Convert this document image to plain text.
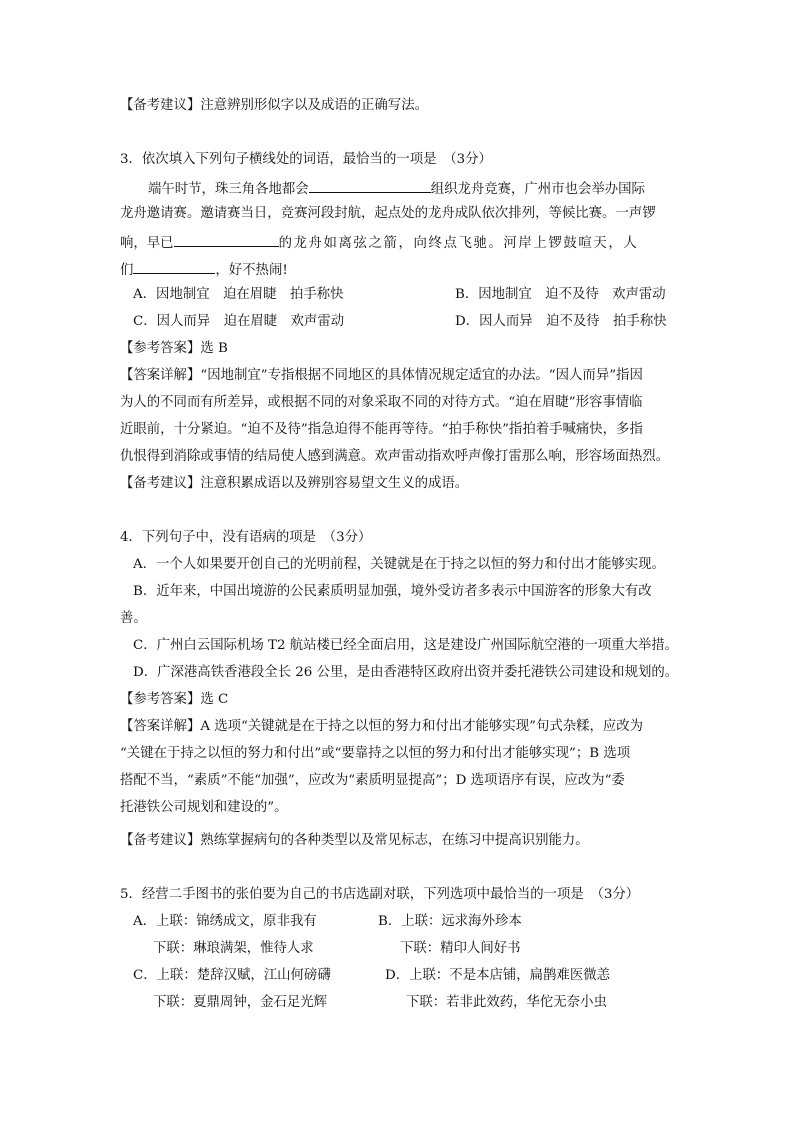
【备考建议】注意辨别形似字以及成语的正确写法。
3．依次填入下列句子横线处的词语，最恰当的一项是　（3分）
端午时节，珠三角各地都会	组织龙舟竞赛，广州市也会举办国际
龙舟邀请赛。邀请赛当日，竞赛河段封航，起点处的龙舟成队依次排列，等候比赛。一声锣
响，早已	的龙舟如离弦之箭，向终点飞驰。河岸上锣鼓喧天，人
们	，好不热闹!
A．因地制宜　迫在眉睫　拍手称快	B．因地制宜　迫不及待　欢声雷动
C．因人而异　迫在眉睫　欢声雷动	D．因人而异　迫不及待　拍手称快
【参考答案】选 B
【答案详解】“因地制宜”专指根据不同地区的具体情况规定适宜的办法。“因人而异”指因
为人的不同而有所差异，或根据不同的对象采取不同的对待方式。“迫在眉睫”形容事情临
近眼前，十分紧迫。“迫不及待”指急迫得不能再等待。“拍手称快”指拍着手喊痛快，多指
仇恨得到消除或事情的结局使人感到满意。欢声雷动指欢呼声像打雷那么响，形容场面热烈。
【备考建议】注意积累成语以及辨别容易望文生义的成语。
4．下列句子中，没有语病的项是　（3分）
A．一个人如果要开创自己的光明前程，关键就是在于持之以恒的努力和付出才能够实现。
B．近年来，中国出境游的公民素质明显加强，境外受访者多表示中国游客的形象大有改
善。
C．广州白云国际机场 T2 航站楼已经全面启用，这是建设广州国际航空港的一项重大举措。
D．广深港高铁香港段全长 26 公里，是由香港特区政府出资并委托港铁公司建设和规划的。
【参考答案】选 C
【答案详解】A 选项“关键就是在于持之以恒的努力和付出才能够实现”句式杂糅，应改为
“关键在于持之以恒的努力和付出”或“要靠持之以恒的努力和付出才能够实现”；B 选项
搭配不当，“素质”不能“加强”，应改为“素质明显提高”；D 选项语序有误，应改为“委
托港铁公司规划和建设的”。
【备考建议】熟练掌握病句的各种类型以及常见标志，在练习中提高识别能力。
5．经营二手图书的张伯要为自己的书店选副对联，下列选项中最恰当的一项是　（3分）
A．上联：锦绣成文，原非我有	B．上联：远求海外珍本
下联：琳琅满架，惟待人求	下联：精印人间好书
C．上联：楚辞汉赋，江山何磅礴	D．上联：不是本店铺，扁鹊难医微恙
下联：夏鼎周钟，金石足光辉	下联：若非此效药，华佗无奈小虫
